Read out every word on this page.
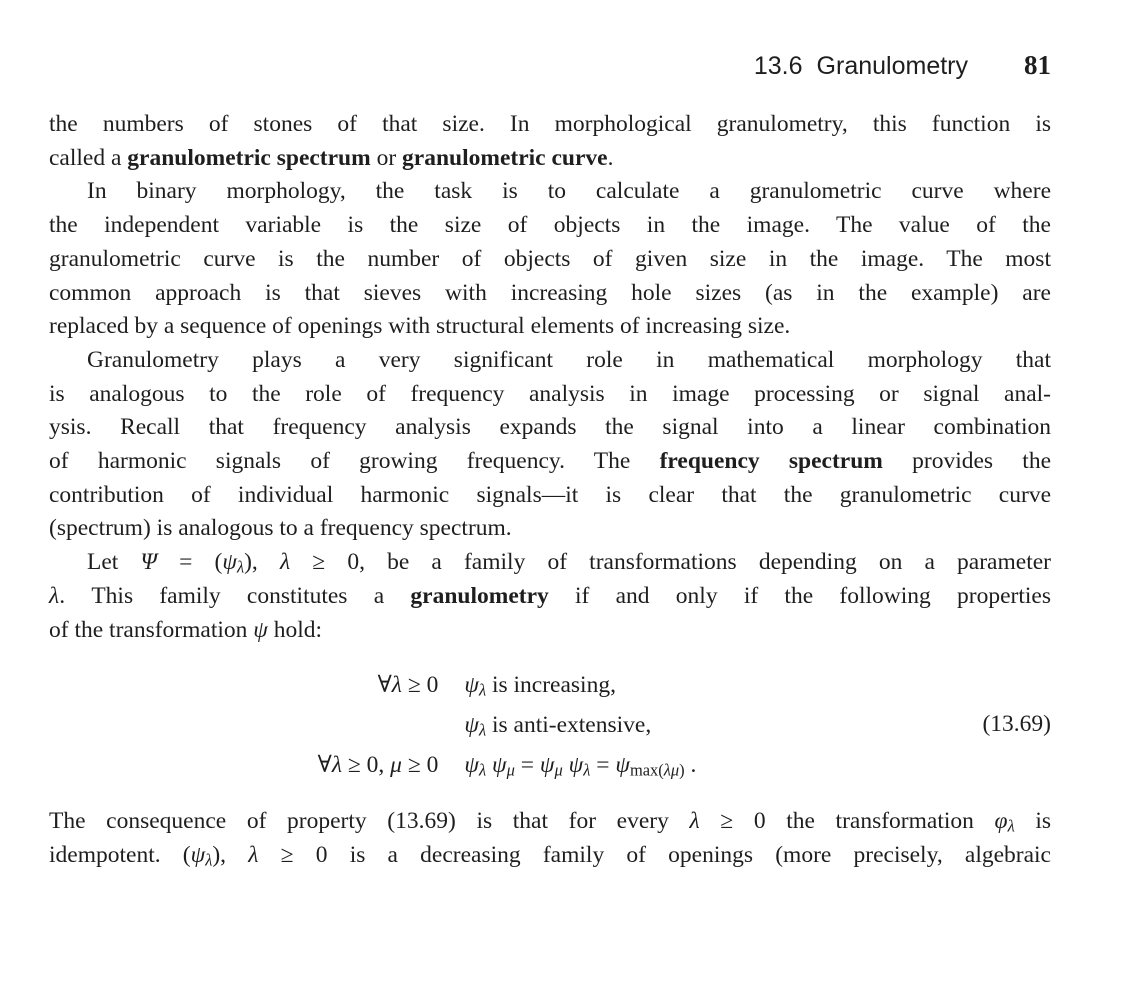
13.6 Granulometry 81
the numbers of stones of that size. In morphological granulometry, this function is
called a granulometric spectrum or granulometric curve.
In binary morphology, the task is to calculate a granulometric curve where
the independent variable is the size of objects in the image. The value of the
granulometric curve is the number of objects of given size in the image. The most
common approach is that sieves with increasing hole sizes (as in the example) are
replaced by a sequence of openings with structural elements of increasing size.
Granulometry plays a very significant role in mathematical morphology that
is analogous to the role of frequency analysis in image processing or signal anal-
ysis. Recall that frequency analysis expands the signal into a linear combination
of harmonic signals of growing frequency. The frequency spectrum provides the
contribution of individual harmonic signals—it is clear that the granulometric curve
(spectrum) is analogous to a frequency spectrum.
Let Ψ = (ψλ), λ ≥ 0, be a family of transformations depending on a parameter
λ. This family constitutes a granulometry if and only if the following properties
of the transformation ψ hold:
∀λ ≥ 0 ψλ is increasing,
ψλ is anti-extensive,
∀λ ≥ 0, μ ≥ 0 ψλ ψμ = ψμ ψλ = ψmax(λμ) .
(13.69)
The consequence of property (13.69) is that for every λ ≥ 0 the transformation φλ is
idempotent. (ψλ), λ ≥ 0 is a decreasing family of openings (more precisely, algebraic
